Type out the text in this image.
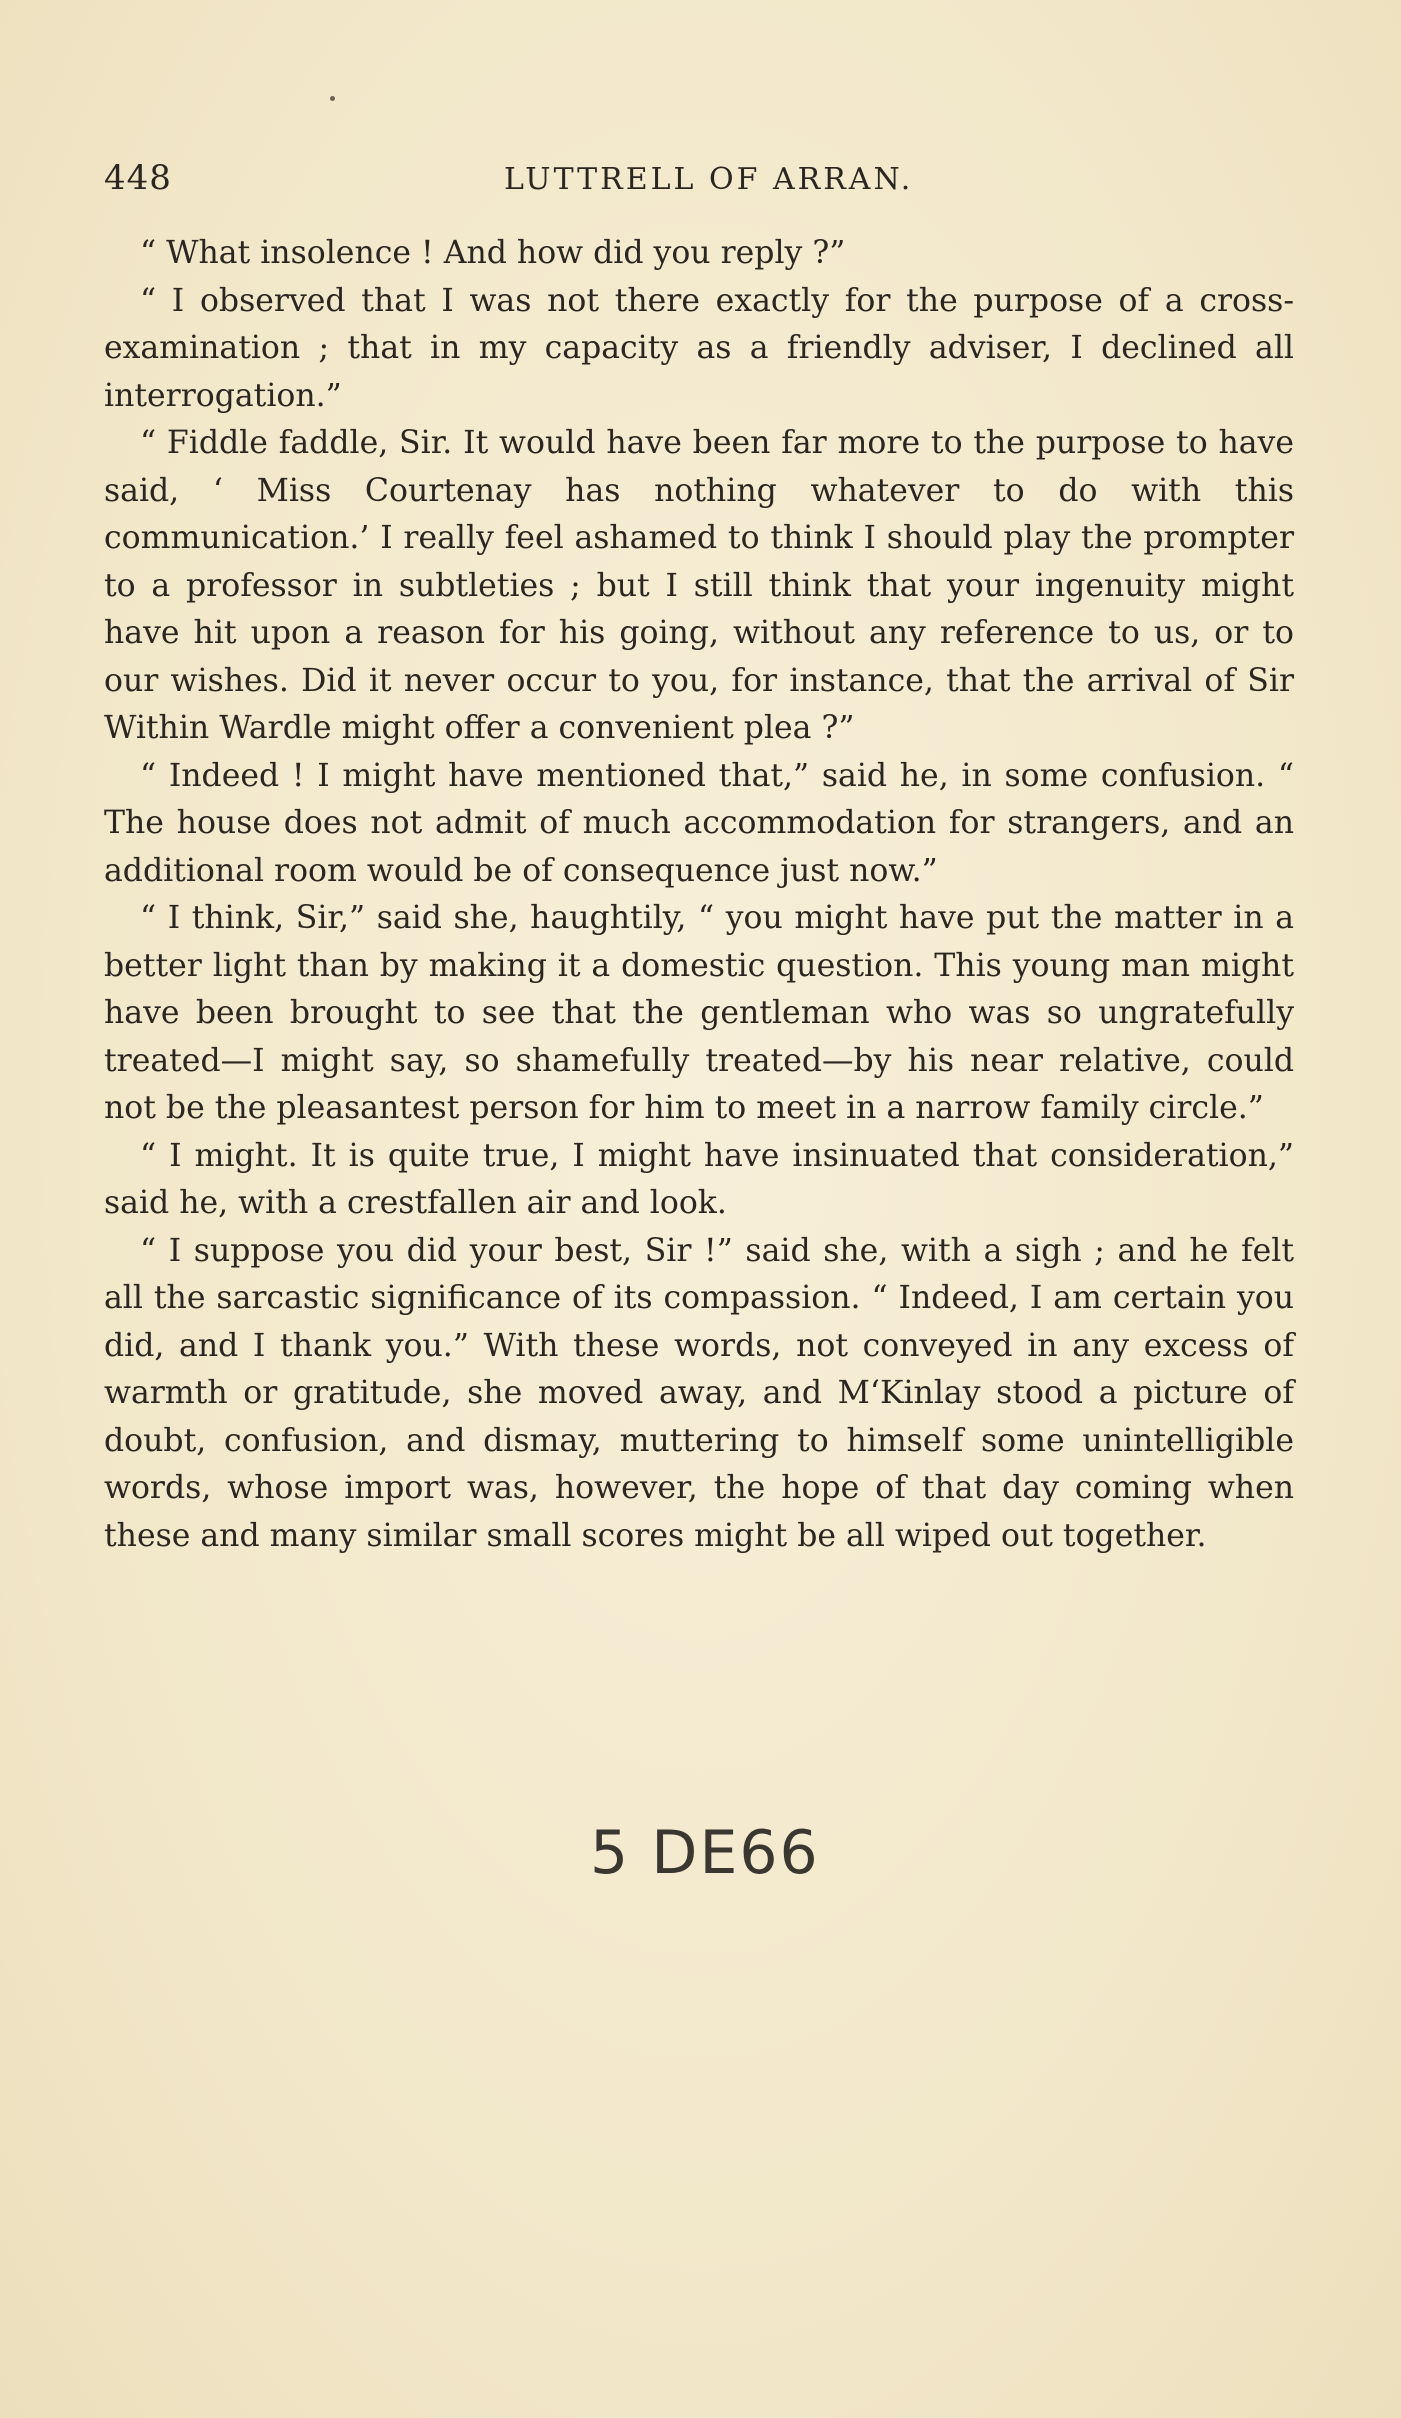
448	LUTTRELL OF ARRAN.

“ What insolence ! And how did you reply ?”

“ I observed that I was not there exactly for the purpose of a cross-examination ; that in my capacity as a friendly adviser, I declined all interrogation.”

“ Fiddle faddle, Sir. It would have been far more to the purpose to have said, ‘ Miss Courtenay has nothing whatever to do with this communication.’ I really feel ashamed to think I should play the prompter to a professor in subtleties ; but I still think that your ingenuity might have hit upon a reason for his going, without any reference to us, or to our wishes. Did it never occur to you, for instance, that the arrival of Sir Within Wardle might offer a convenient plea ?”

“ Indeed ! I might have mentioned that,” said he, in some confusion. “ The house does not admit of much accommodation for strangers, and an additional room would be of consequence just now.”

“ I think, Sir,” said she, haughtily, “ you might have put the matter in a better light than by making it a domestic question. This young man might have been brought to see that the gentleman who was so ungratefully treated—I might say, so shamefully treated—by his near relative, could not be the pleasantest person for him to meet in a narrow family circle.”

“ I might. It is quite true, I might have insinuated that consideration,” said he, with a crestfallen air and look.

“ I suppose you did your best, Sir !” said she, with a sigh ; and he felt all the sarcastic significance of its compassion. “ Indeed, I am certain you did, and I thank you.” With these words, not conveyed in any excess of warmth or gratitude, she moved away, and M‘Kinlay stood a picture of doubt, confusion, and dismay, muttering to himself some unintelligible words, whose import was, however, the hope of that day coming when these and many similar small scores might be all wiped out together.

5 DE66
